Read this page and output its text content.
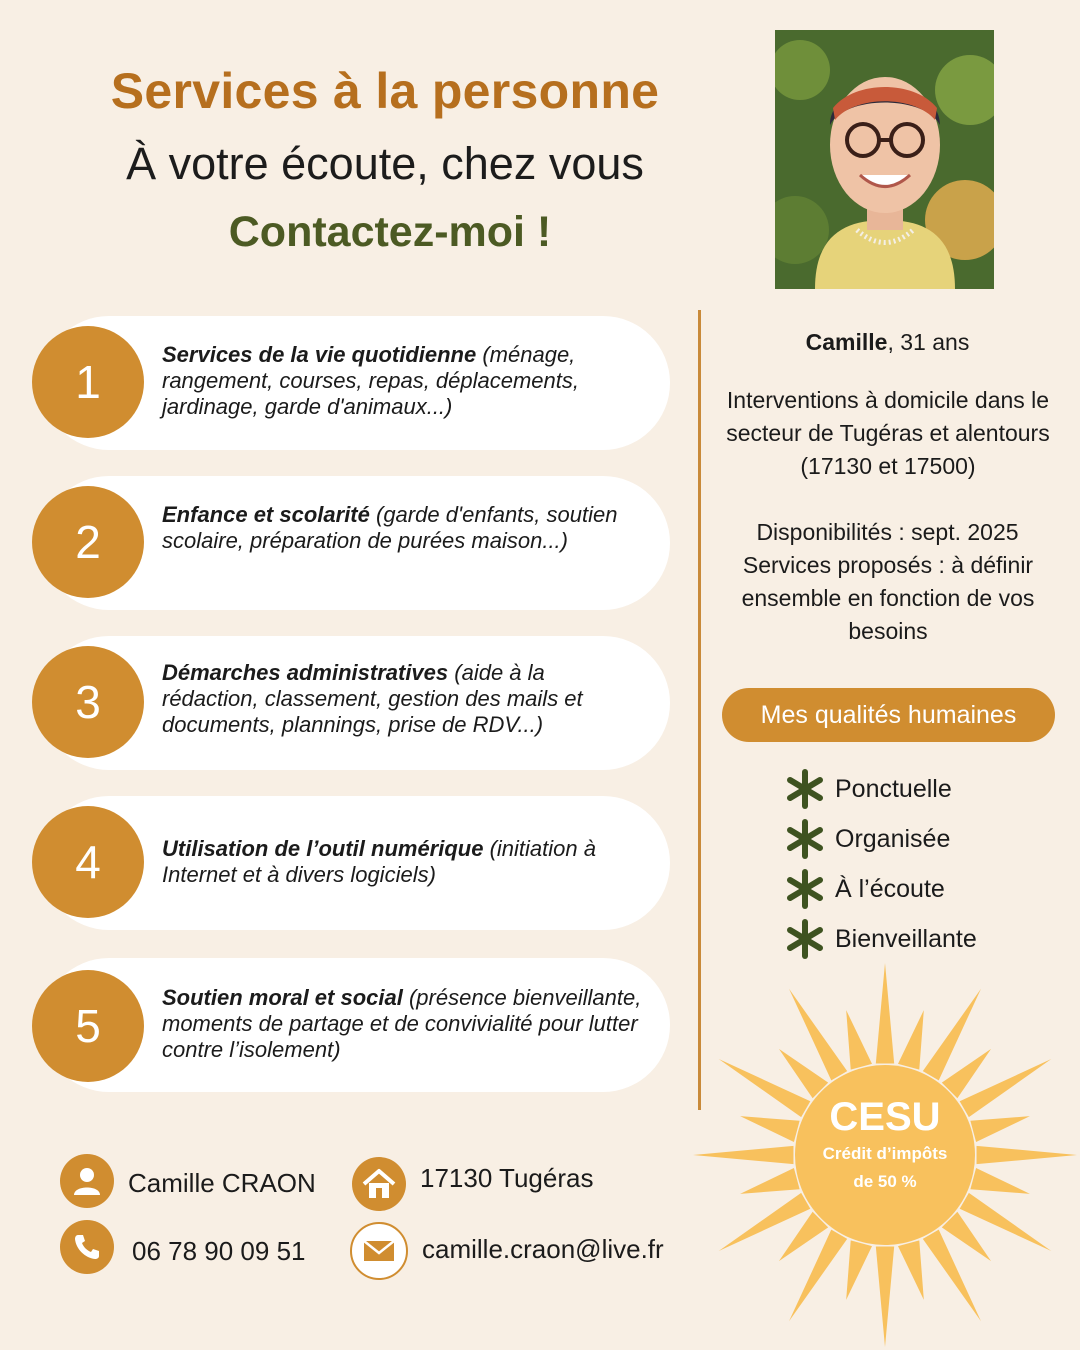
Services à la personne
À votre écoute, chez vous
Contactez-moi !
1
Services de la vie quotidienne (ménage, rangement, courses, repas, déplacements, jardinage, garde d'animaux...)
2
Enfance et scolarité (garde d'enfants, soutien scolaire, préparation de purées maison...)
3
Démarches administratives (aide à la rédaction, classement, gestion des mails et documents, plannings, prise de RDV...)
4	Utilisation de l’outil numérique (initiation à Internet et à divers logiciels)
5
Soutien moral et social (présence bienveillante, moments de partage et de convivialité pour lutter contre l’isolement)
Camille, 31 ans
Interventions à domicile dans le secteur de Tugéras et alentours (17130 et 17500)
Disponibilités : sept. 2025
Services proposés : à définir ensemble en fonction de vos besoins
Mes qualités humaines
Ponctuelle
Organisée
À l’écoute
Bienveillante
CESU
Crédit d’impôts
de 50 %
Camille CRAON	17130 Tugéras
06 78 90 09 51	camille.craon@live.fr
